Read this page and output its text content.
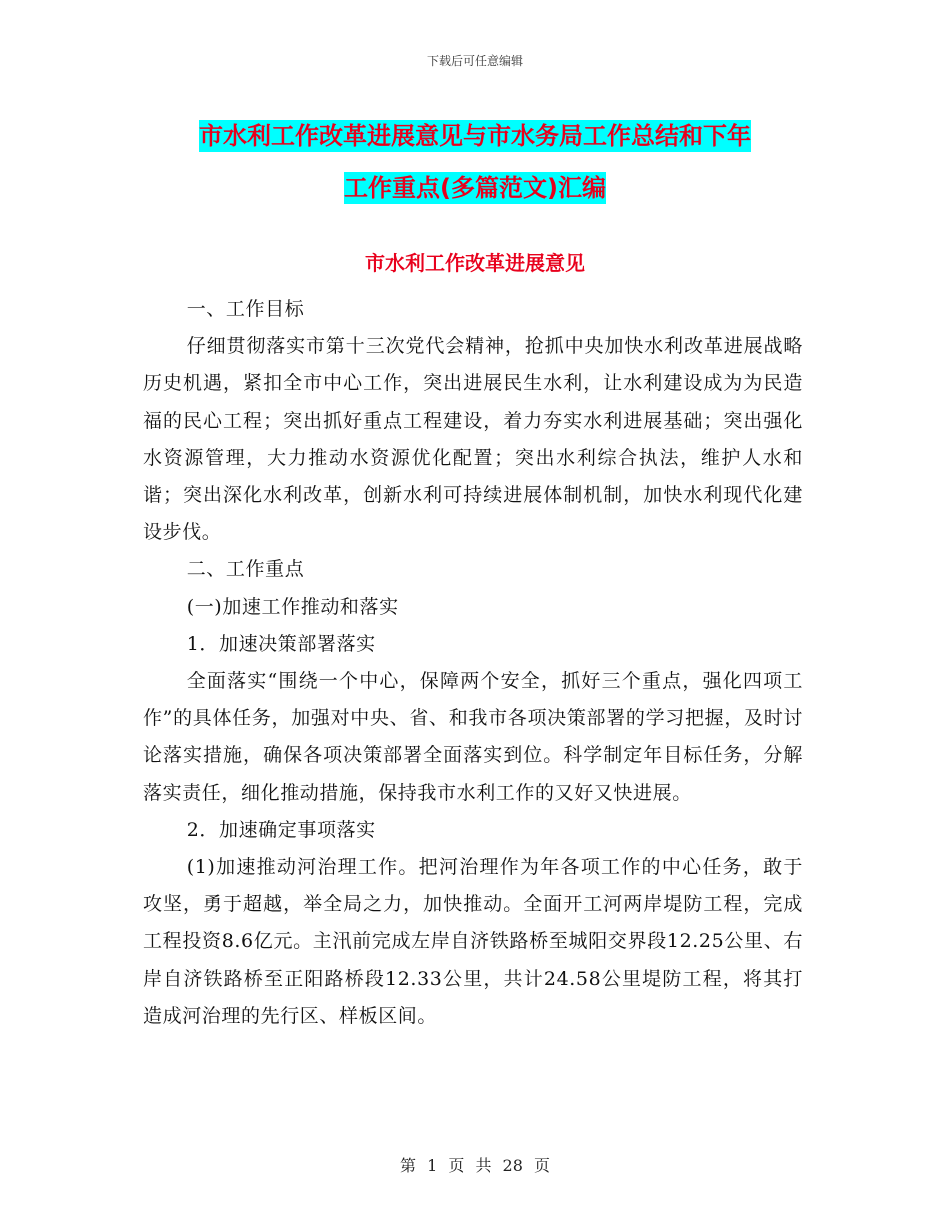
下载后可任意编辑
市水利工作改革进展意见与市水务局工作总结和下年
工作重点(多篇范文)汇编
市水利工作改革进展意见

一、工作目标

仔细贯彻落实市第十三次党代会精神，抢抓中央加快水利改革进展战略历史机遇，紧扣全市中心工作，突出进展民生水利，让水利建设成为为民造福的民心工程；突出抓好重点工程建设，着力夯实水利进展基础；突出强化水资源管理，大力推动水资源优化配置；突出水利综合执法，维护人水和谐；突出深化水利改革，创新水利可持续进展体制机制，加快水利现代化建设步伐。

二、工作重点

(一)加速工作推动和落实

1．加速决策部署落实

全面落实“围绕一个中心，保障两个安全，抓好三个重点，强化四项工作”的具体任务，加强对中央、省、和我市各项决策部署的学习把握，及时讨论落实措施，确保各项决策部署全面落实到位。科学制定年目标任务，分解落实责任，细化推动措施，保持我市水利工作的又好又快进展。

2．加速确定事项落实

(1)加速推动河治理工作。把河治理作为年各项工作的中心任务，敢于攻坚，勇于超越，举全局之力，加快推动。全面开工河两岸堤防工程，完成工程投资8.6亿元。主汛前完成左岸自济铁路桥至城阳交界段12.25公里、右岸自济铁路桥至正阳路桥段12.33公里，共计24.58公里堤防工程，将其打造成河治理的先行区、样板区间。

第 1 页 共 28 页
